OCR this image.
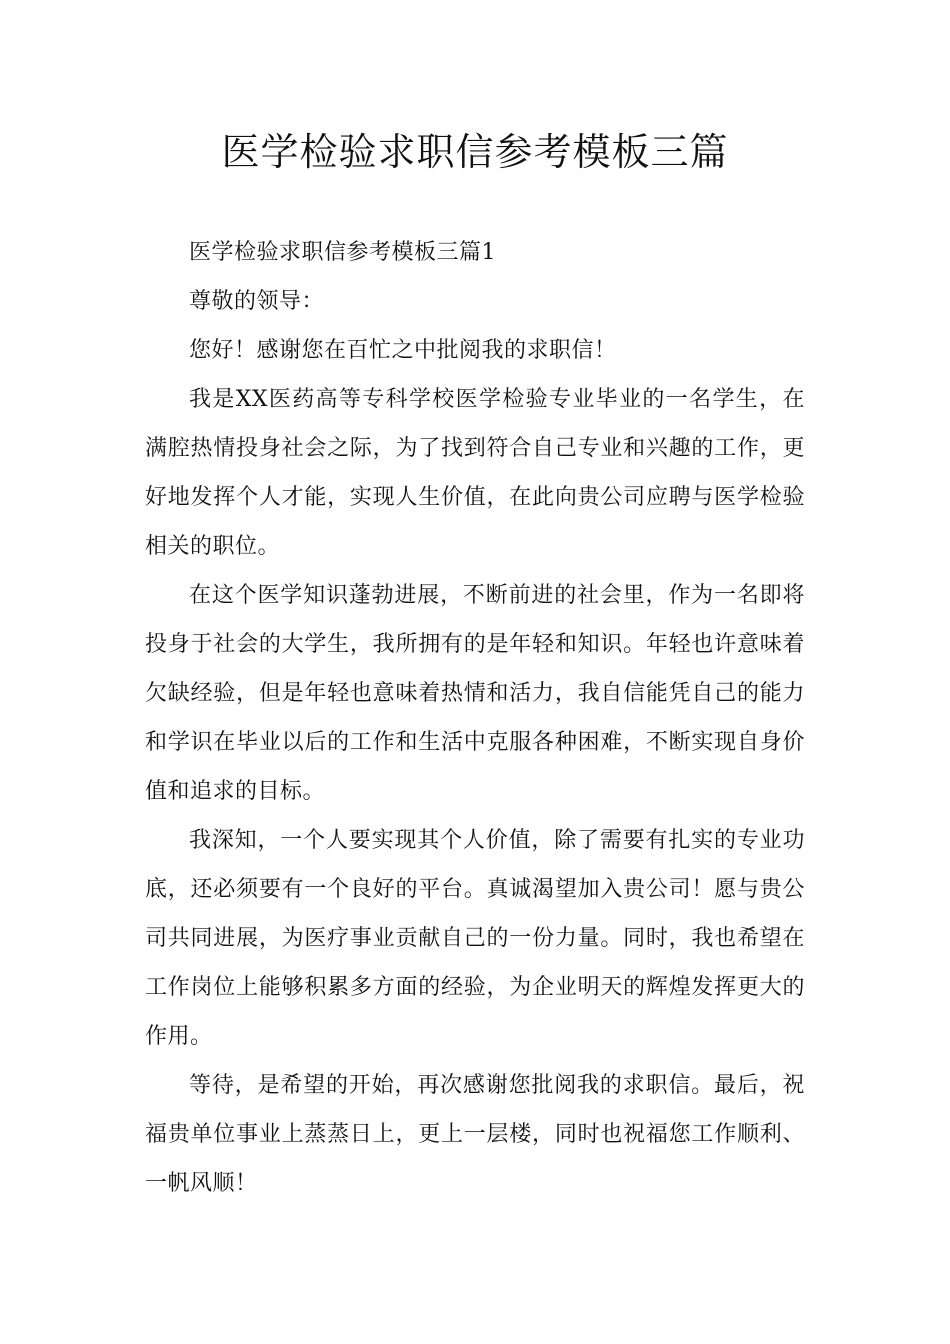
医学检验求职信参考模板三篇

医学检验求职信参考模板三篇1

尊敬的领导：

您好！感谢您在百忙之中批阅我的求职信！

我是XX医药高等专科学校医学检验专业毕业的一名学生，在满腔热情投身社会之际，为了找到符合自己专业和兴趣的工作，更好地发挥个人才能，实现人生价值，在此向贵公司应聘与医学检验相关的职位。

在这个医学知识蓬勃进展，不断前进的社会里，作为一名即将投身于社会的大学生，我所拥有的是年轻和知识。年轻也许意味着欠缺经验，但是年轻也意味着热情和活力，我自信能凭自己的能力和学识在毕业以后的工作和生活中克服各种困难，不断实现自身价值和追求的目标。

我深知，一个人要实现其个人价值，除了需要有扎实的专业功底，还必须要有一个良好的平台。真诚渴望加入贵公司！愿与贵公司共同进展，为医疗事业贡献自己的一份力量。同时，我也希望在工作岗位上能够积累多方面的经验，为企业明天的辉煌发挥更大的作用。

等待，是希望的开始，再次感谢您批阅我的求职信。最后，祝福贵单位事业上蒸蒸日上，更上一层楼，同时也祝福您工作顺利、一帆风顺！
